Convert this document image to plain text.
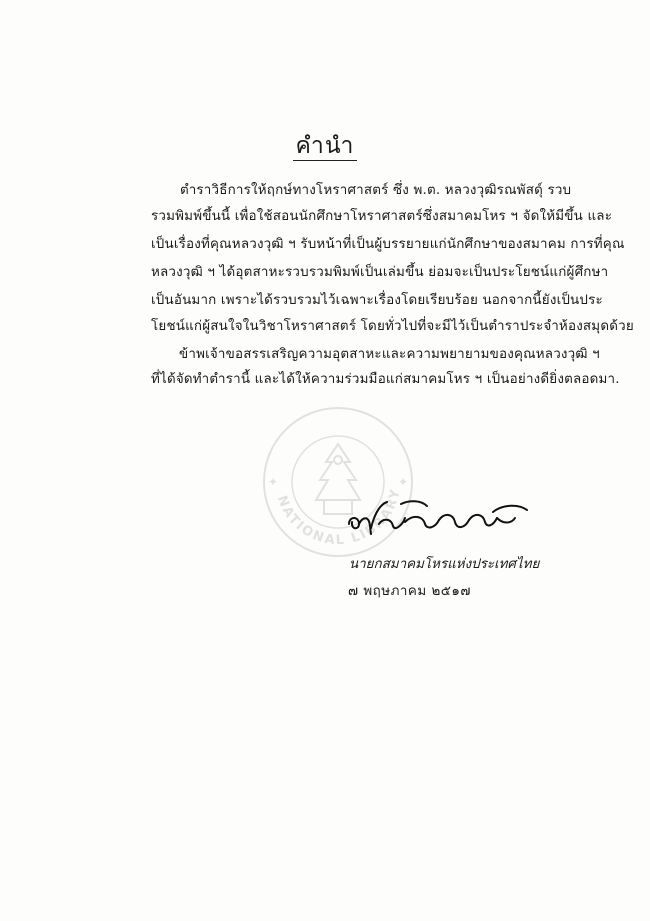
คำนำ
ตำราวิธีการให้ฤกษ์ทางโหราศาสตร์ ซึ่ง พ.ต. หลวงวุฒิรณพัสดุ์ รวบ
รวมพิมพ์ขึ้นนี้ เพื่อใช้สอนนักศึกษาโหราศาสตร์ซึ่งสมาคมโหร ฯ จัดให้มีขึ้น และ
เป็นเรื่องที่คุณหลวงวุฒิ ฯ รับหน้าที่เป็นผู้บรรยายแก่นักศึกษาของสมาคม การที่คุณ
หลวงวุฒิ ฯ ได้อุตสาหะรวบรวมพิมพ์เป็นเล่มขึ้น ย่อมจะเป็นประโยชน์แก่ผู้ศึกษา
เป็นอันมาก เพราะได้รวบรวมไว้เฉพาะเรื่องโดยเรียบร้อย นอกจากนี้ยังเป็นประ
โยชน์แก่ผู้สนใจในวิชาโหราศาสตร์ โดยทั่วไปที่จะมีไว้เป็นตำราประจำห้องสมุดด้วย
ข้าพเจ้าขอสรรเสริญความอุตสาหะและความพยายามของคุณหลวงวุฒิ ฯ
ที่ได้จัดทำตำรานี้ และได้ให้ความร่วมมือแก่สมาคมโหร ฯ เป็นอย่างดียิ่งตลอดมา.
NATIONAL LIBRARY
✦	✦
นายกสมาคมโหรแห่งประเทศไทย
๗ พฤษภาคม ๒๕๑๗
